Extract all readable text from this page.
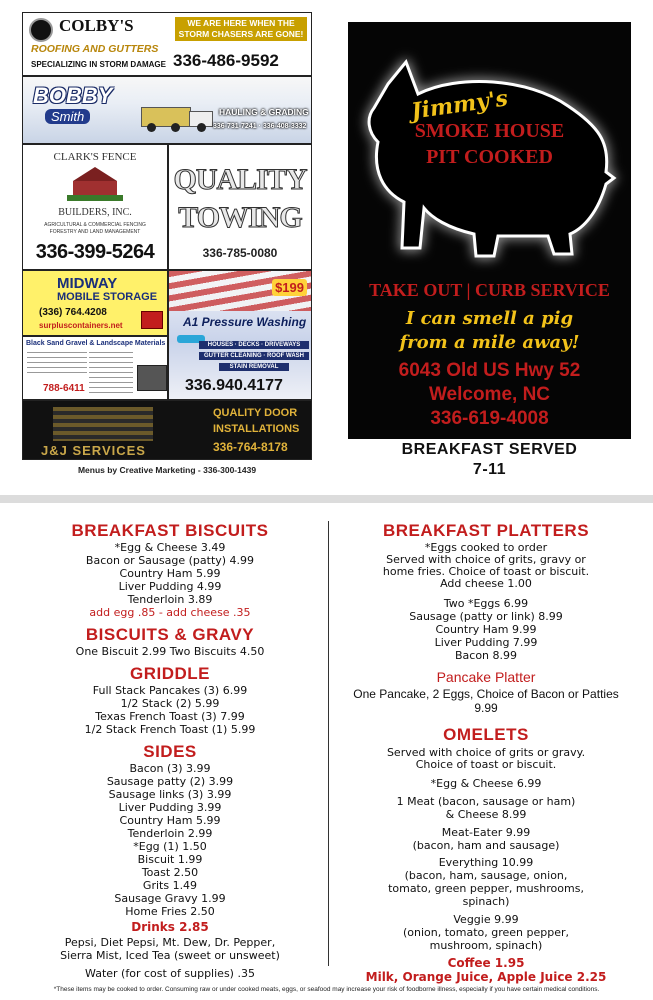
COLBY'S
ROOFING AND GUTTERS
SPECIALIZING IN STORM DAMAGE
WE ARE HERE WHEN THE STORM CHASERS ARE GONE!
336-486-9592
BOBBY
Smith	HAULING & GRADING
336-731-7241 · 336-408-3332
CLARK'S FENCE
BUILDERS, INC.
AGRICULTURAL & COMMERCIAL FENCING
FORESTRY AND LAND MANAGEMENT
336-399-5264
QUALITY
TOWING
336-785-0080
MIDWAY
MOBILE STORAGE
(336) 764.4208
surpluscontainers.net
$199
A1 Pressure Washing
HOUSES · DECKS · DRIVEWAYS
GUTTER CLEANING · ROOF WASH
STAIN REMOVAL
336.940.4177
Black Sand Gravel & Landscape Materials
788-6411
J&J SERVICES
QUALITY DOOR
INSTALLATIONS
336-764-8178
Menus by Creative Marketing - 336-300-1439
Jimmy's
SMOKE HOUSE
PIT COOKED
TAKE OUT | CURB SERVICE
I can smell a pig
from a mile away!
6043 Old US Hwy 52
Welcome, NC
336-619-4008
BREAKFAST SERVED
7-11
BREAKFAST BISCUITS
*Egg & Cheese 3.49
Bacon or Sausage (patty) 4.99
Country Ham 5.99
Liver Pudding 4.99
Tenderloin 3.89
add egg .85 - add cheese .35
BISCUITS & GRAVY
One Biscuit 2.99 Two Biscuits 4.50
GRIDDLE
Full Stack Pancakes (3) 6.99
1/2 Stack (2) 5.99
Texas French Toast (3) 7.99
1/2 Stack French Toast (1) 5.99
SIDES
Bacon (3) 3.99
Sausage patty (2) 3.99
Sausage links (3) 3.99
Liver Pudding 3.99
Country Ham 5.99
Tenderloin 2.99
*Egg (1) 1.50
Biscuit 1.99
Toast 2.50
Grits 1.49
Sausage Gravy 1.99
Home Fries 2.50
Drinks 2.85
Pepsi, Diet Pepsi, Mt. Dew, Dr. Pepper,
Sierra Mist, Iced Tea (sweet or unsweet)
Water (for cost of supplies) .35
BREAKFAST PLATTERS
*Eggs cooked to order
Served with choice of grits, gravy or
home fries. Choice of toast or biscuit.
Add cheese 1.00
Two *Eggs 6.99
Sausage (patty or link) 8.99
Country Ham 9.99
Liver Pudding 7.99
Bacon 8.99
Pancake Platter
One Pancake, 2 Eggs, Choice of Bacon or Patties
9.99
OMELETS
Served with choice of grits or gravy.
Choice of toast or biscuit.
*Egg & Cheese 6.99
1 Meat (bacon, sausage or ham)
& Cheese 8.99
Meat-Eater 9.99
(bacon, ham and sausage)
Everything 10.99
(bacon, ham, sausage, onion,
tomato, green pepper, mushrooms,
spinach)
Veggie 9.99
(onion, tomato, green pepper,
mushroom, spinach)
Coffee 1.95
Milk, Orange Juice, Apple Juice 2.25
*These items may be cooked to order. Consuming raw or under cooked meats, eggs, or seafood may increase your risk of foodborne illness, especially if you have certain medical conditions.
